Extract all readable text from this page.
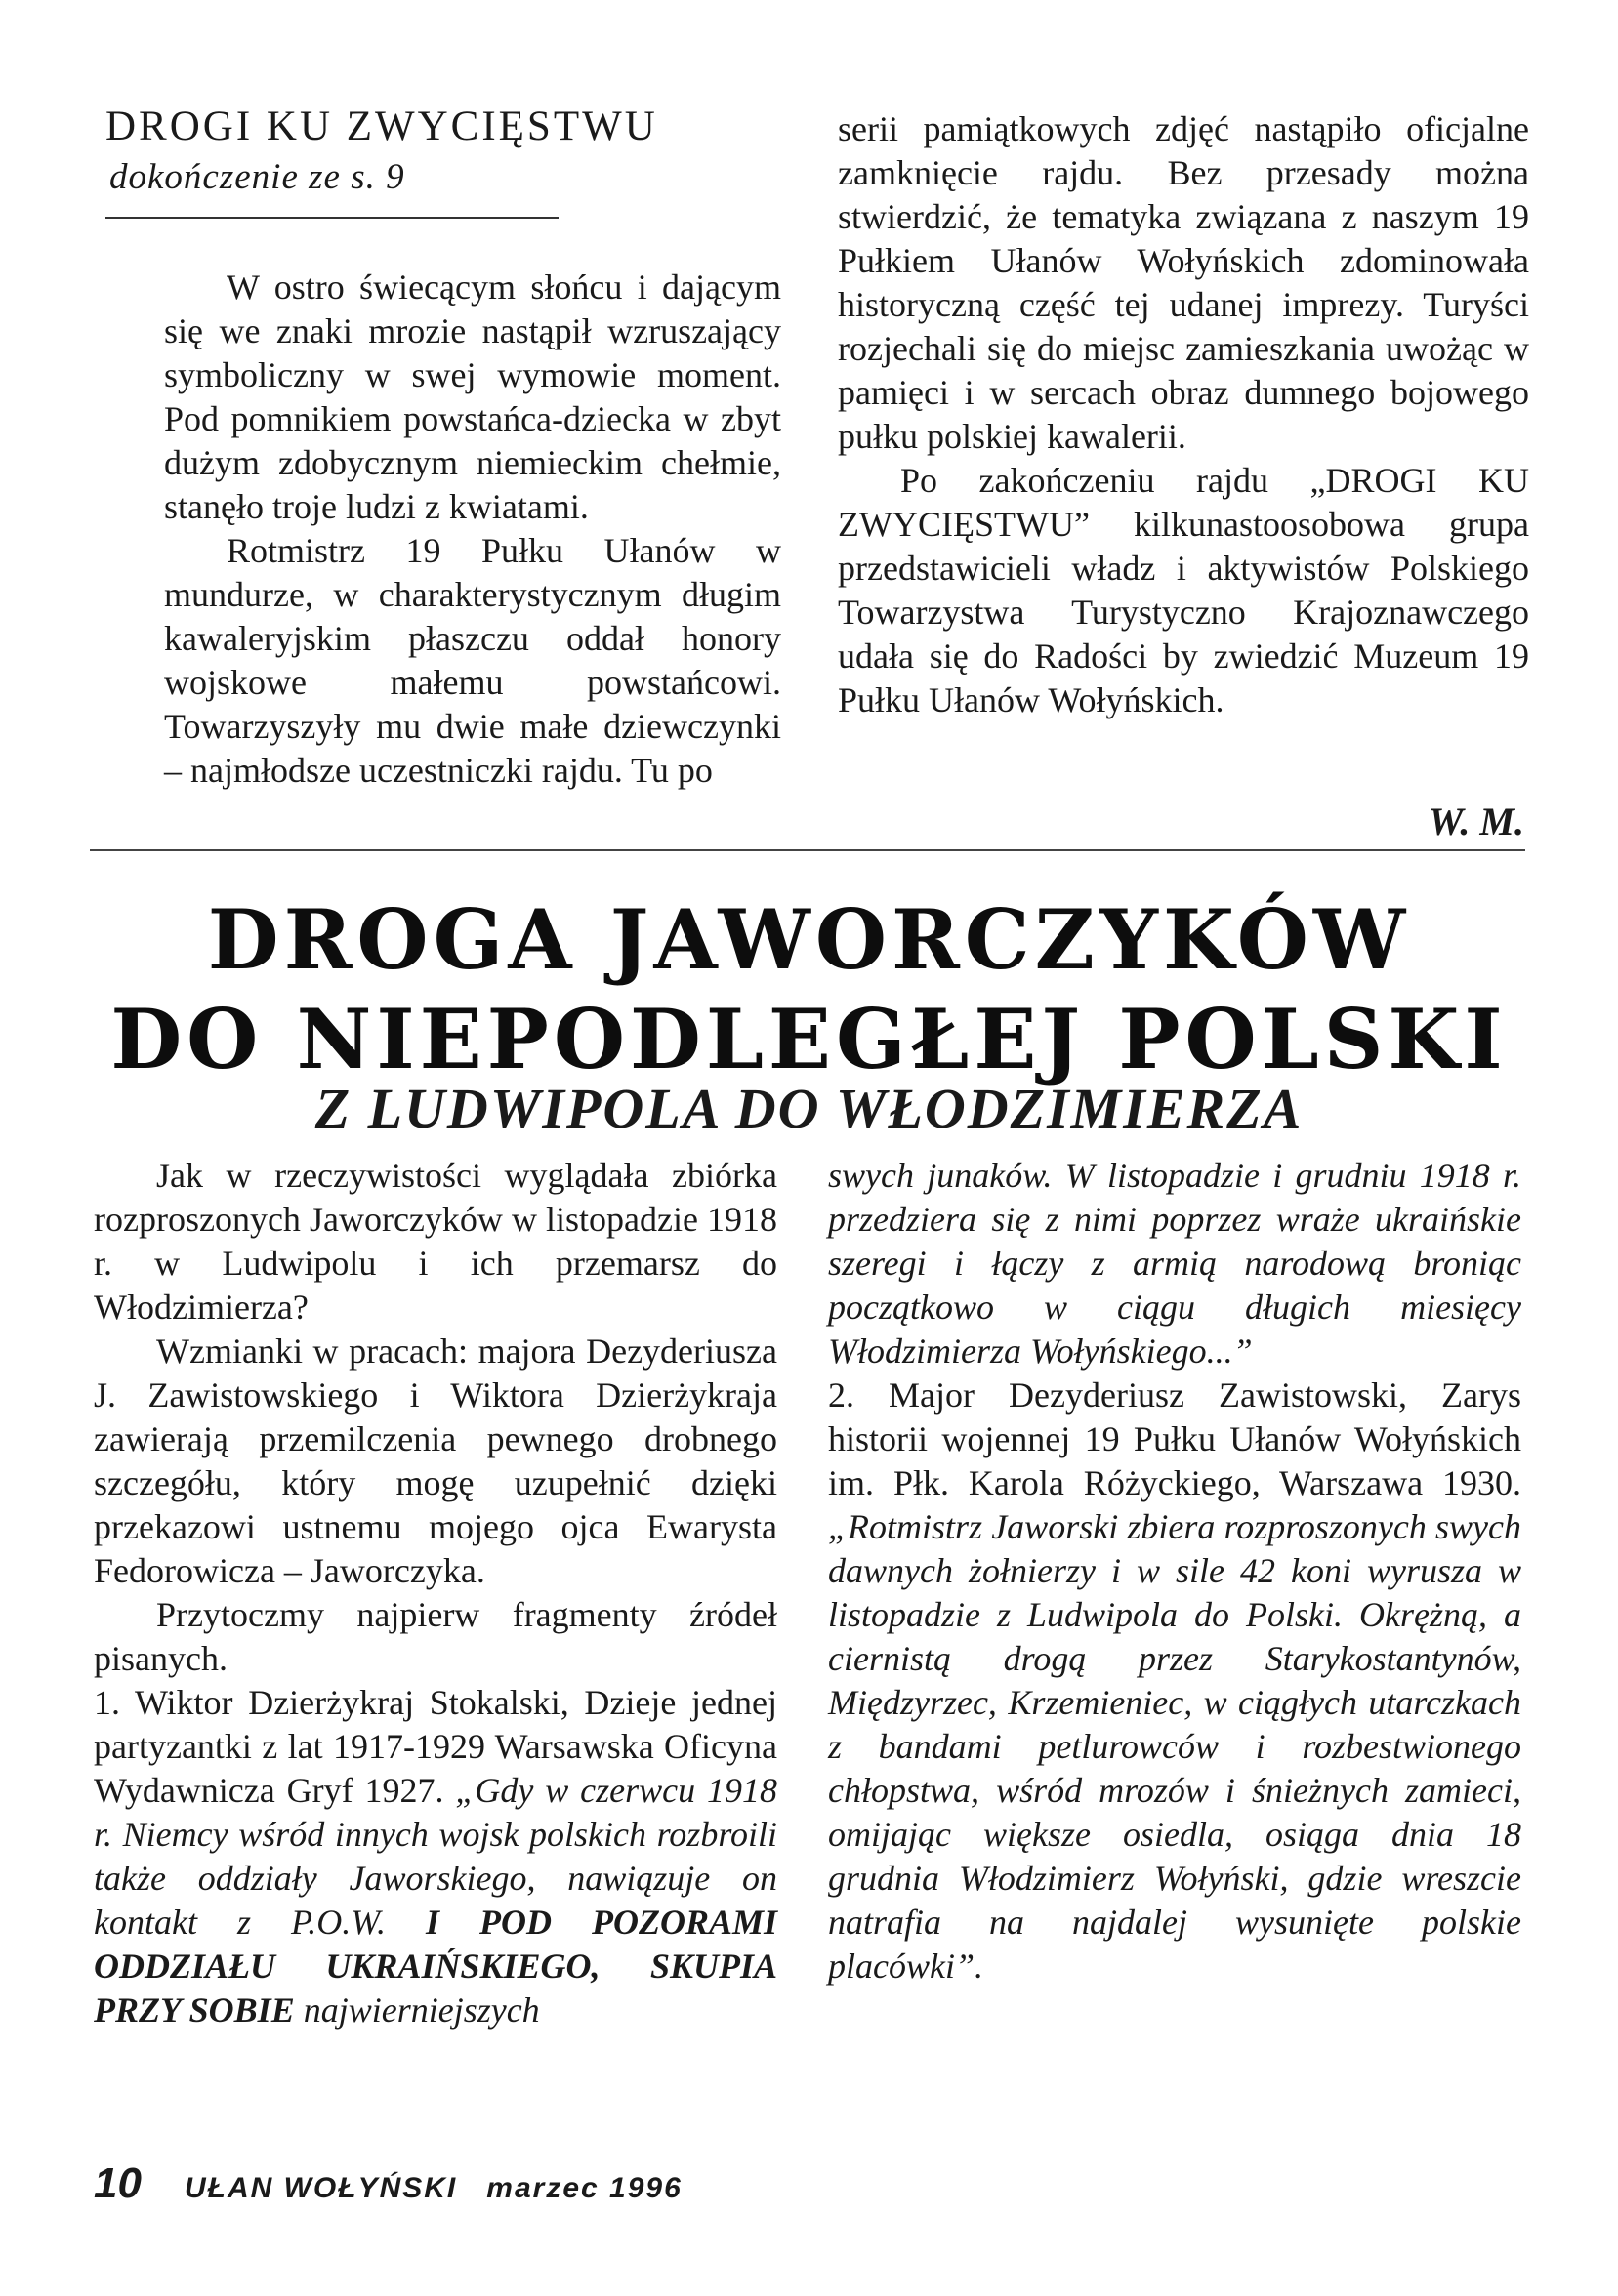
DROGI KU ZWYCIĘSTWU
dokończenie ze s. 9

W ostro świecącym słońcu i dającym się we znaki mrozie nastąpił wzruszający symboliczny w swej wymowie moment. Pod pomnikiem powstańca-dziecka w zbyt dużym zdobycznym niemieckim chełmie, stanęło troje ludzi z kwiatami.

Rotmistrz 19 Pułku Ułanów w mundurze, w charakterystycznym długim kawaleryjskim płaszczu oddał honory wojskowe małemu powstańcowi. Towarzyszyły mu dwie małe dziewczynki – najmłodsze uczestniczki rajdu. Tu po

serii pamiątkowych zdjęć nastąpiło oficjalne zamknięcie rajdu. Bez przesady można stwierdzić, że tematyka związana z naszym 19 Pułkiem Ułanów Wołyńskich zdominowała historyczną część tej udanej imprezy. Turyści rozjechali się do miejsc zamieszkania uwożąc w pamięci i w sercach obraz dumnego bojowego pułku polskiej kawalerii.

Po zakończeniu rajdu „DROGI KU ZWYCIĘSTWU” kilkunastoosobowa grupa przedstawicieli władz i aktywistów Polskiego Towarzystwa Turystyczno Krajoznawczego udała się do Radości by zwiedzić Muzeum 19 Pułku Ułanów Wołyńskich.

W. M.
DROGA JAWORCZYKÓW
DO NIEPODLEGŁEJ POLSKI
Z LUDWIPOLA DO WŁODZIMIERZA

Jak w rzeczywistości wyglądała zbiórka rozproszonych Jaworczyków w listopadzie 1918 r. w Ludwipolu i ich przemarsz do Włodzimierza?

Wzmianki w pracach: majora Dezyderiusza J. Zawistowskiego i Wiktora Dzierżykraja zawierają przemilczenia pewnego drobnego szczegółu, który mogę uzupełnić dzięki przekazowi ustnemu mojego ojca Ewarysta Fedorowicza – Jaworczyka.

Przytoczmy najpierw fragmenty źródeł pisanych.

1. Wiktor Dzierżykraj Stokalski, Dzieje jednej partyzantki z lat 1917-1929 Warsawska Oficyna Wydawnicza Gryf 1927. „Gdy w czerwcu 1918 r. Niemcy wśród innych wojsk polskich rozbroili także oddziały Jaworskiego, nawiązuje on kontakt z P.O.W. I POD POZORAMI ODDZIAŁU UKRAIŃSKIEGO, SKUPIA PRZY SOBIE najwierniejszych

swych junaków. W listopadzie i grudniu 1918 r. przedziera się z nimi poprzez wraże ukraińskie szeregi i łączy z armią narodową broniąc początkowo w ciągu długich miesięcy Włodzimierza Wołyńskiego...”

2. Major Dezyderiusz Zawistowski, Zarys historii wojennej 19 Pułku Ułanów Wołyńskich im. Płk. Karola Różyckiego, Warszawa 1930. „Rotmistrz Jaworski zbiera rozproszonych swych dawnych żołnierzy i w sile 42 koni wyrusza w listopadzie z Ludwipola do Polski. Okrężną, a ciernistą drogą przez Starykostantynów, Międzyrzec, Krzemieniec, w ciągłych utarczkach z bandami petlurowców i rozbestwionego chłopstwa, wśród mrozów i śnieżnych zamieci, omijając większe osiedla, osiąga dnia 18 grudnia Włodzimierz Wołyński, gdzie wreszcie natrafia na najdalej wysunięte polskie placówki”.

10 UŁAN WOŁYŃSKI marzec 1996
